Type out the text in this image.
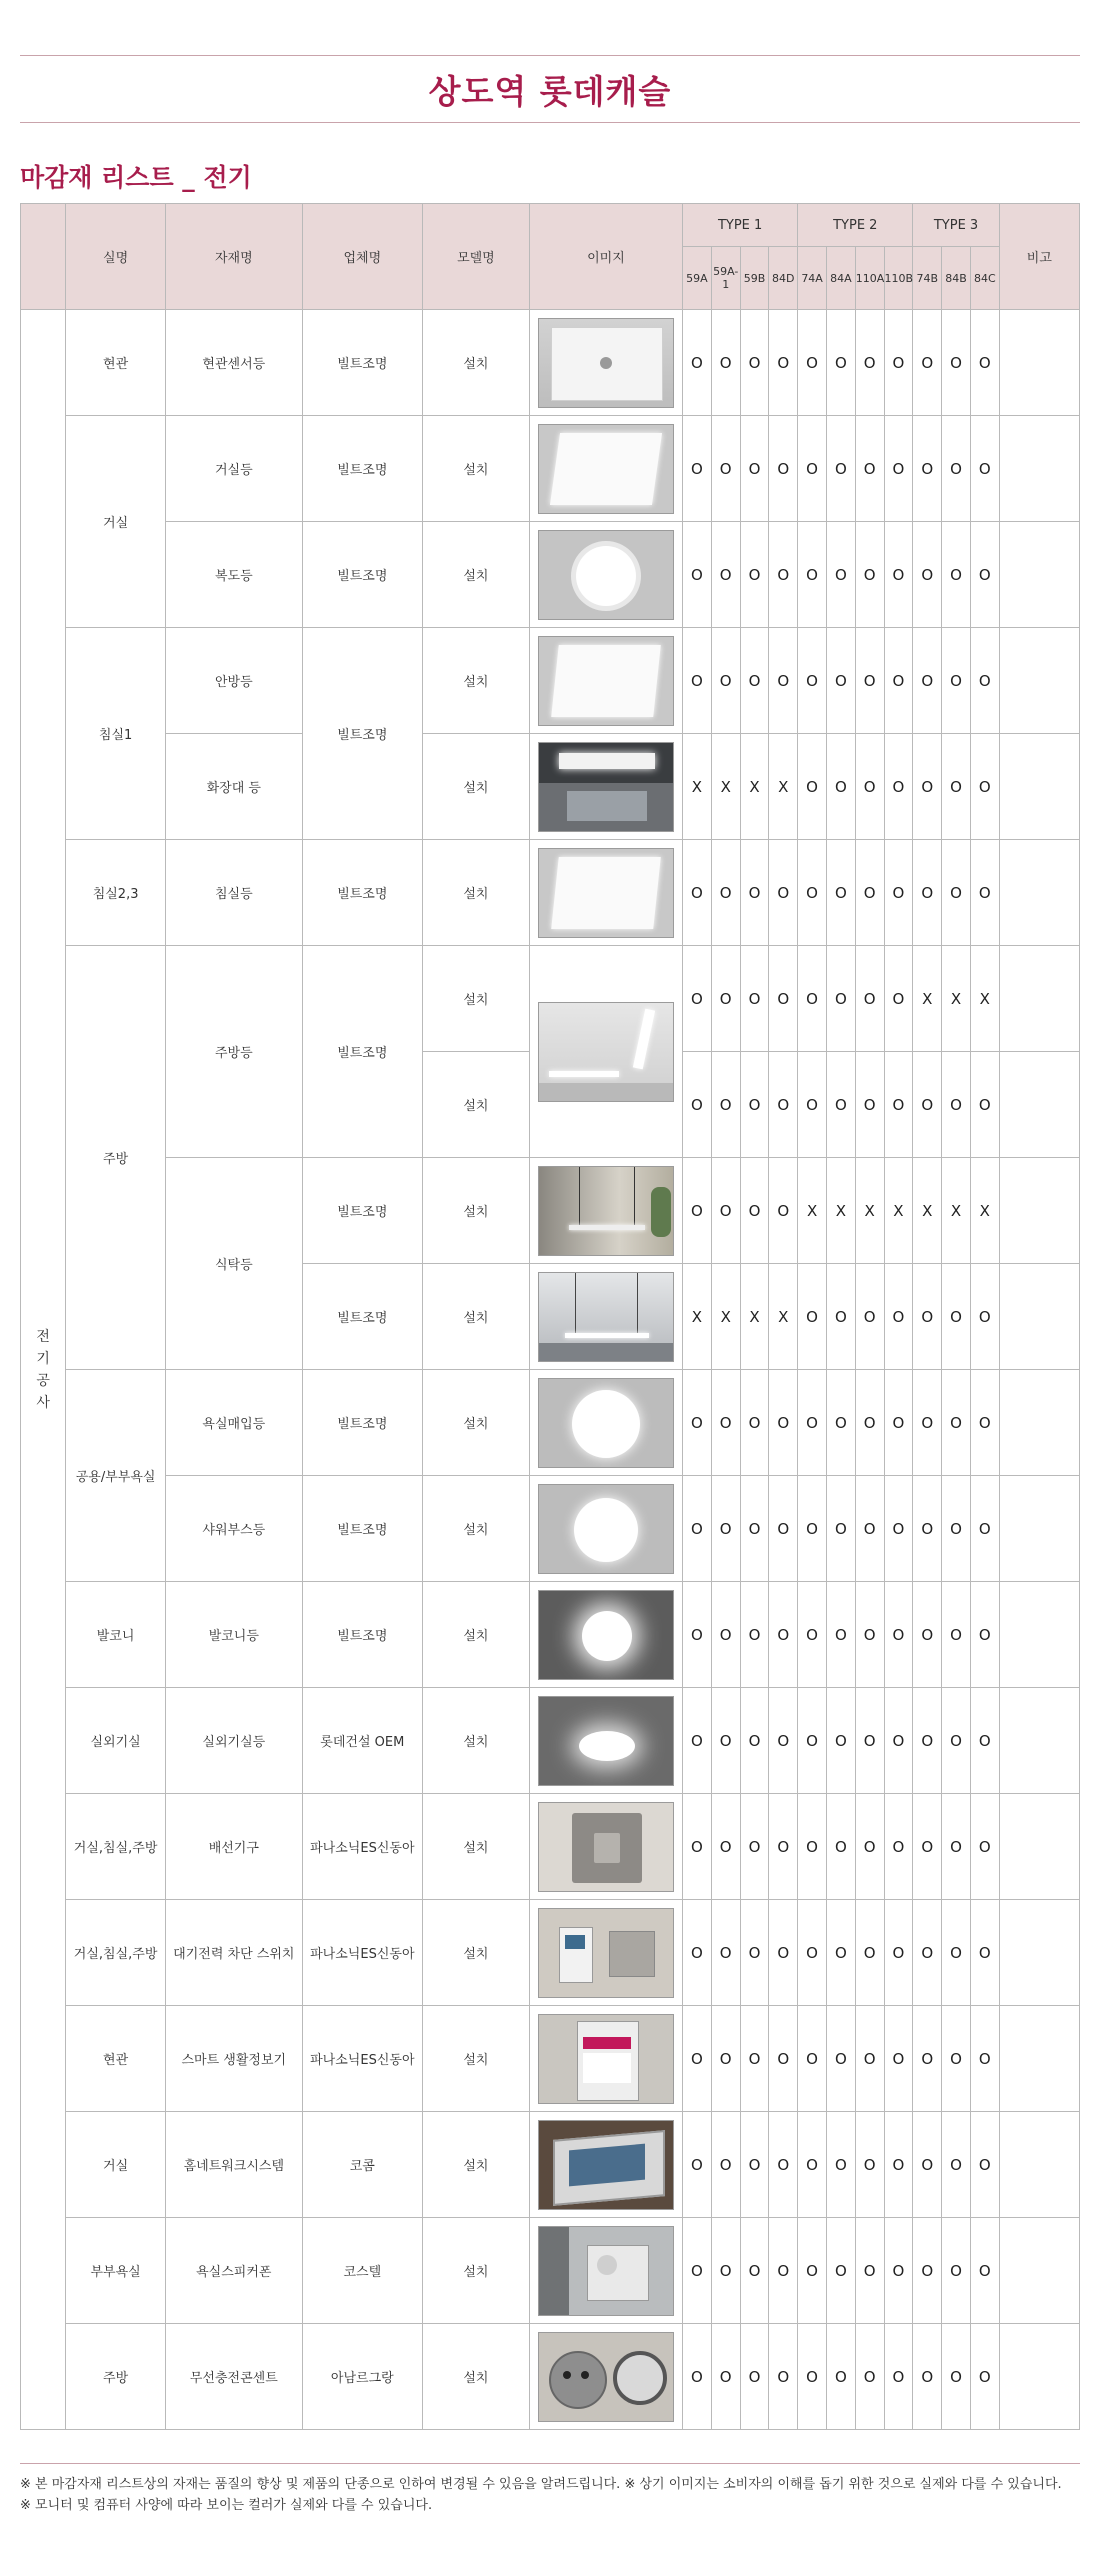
상도역 롯데캐슬
마감재 리스트 _ 전기
	실명	자재명	업체명	모델명	이미지	TYPE 1				TYPE 2				TYPE 3			비고
						59A	59A-1	59B	84D	74A	84A	110A	110B	74B	84B	84C	
전기공사	현관	현관센서등	빌트조명	설치		O	O	O	O	O	O	O	O	O	O	O	
	거실	거실등	빌트조명	설치		O	O	O	O	O	O	O	O	O	O	O	
		복도등	빌트조명	설치		O	O	O	O	O	O	O	O	O	O	O	
	침실1	안방등	빌트조명	설치		O	O	O	O	O	O	O	O	O	O	O	
		화장대 등		설치		X	X	X	X	O	O	O	O	O	O	O	
	침실2,3	침실등	빌트조명	설치		O	O	O	O	O	O	O	O	O	O	O	
	주방	주방등	빌트조명	설치		O	O	O	O	O	O	O	O	X	X	X	
				설치		O	O	O	O	O	O	O	O	O	O	O	
		식탁등	빌트조명	설치		O	O	O	O	X	X	X	X	X	X	X	
			빌트조명	설치		X	X	X	X	O	O	O	O	O	O	O	
	공용/부부욕실	욕실매입등	빌트조명	설치		O	O	O	O	O	O	O	O	O	O	O	
		샤워부스등	빌트조명	설치		O	O	O	O	O	O	O	O	O	O	O	
	발코니	발코니등	빌트조명	설치		O	O	O	O	O	O	O	O	O	O	O	
	실외기실	실외기실등	롯데건설 OEM	설치		O	O	O	O	O	O	O	O	O	O	O	
	거실,침실,주방	배선기구	파나소닉ES신동아	설치		O	O	O	O	O	O	O	O	O	O	O	
	거실,침실,주방	대기전력 차단 스위치	파나소닉ES신동아	설치		O	O	O	O	O	O	O	O	O	O	O	
	현관	스마트 생활정보기	파나소닉ES신동아	설치		O	O	O	O	O	O	O	O	O	O	O	
	거실	홈네트워크시스템	코콤	설치		O	O	O	O	O	O	O	O	O	O	O	
	부부욕실	욕실스피커폰	코스텔	설치		O	O	O	O	O	O	O	O	O	O	O	
	주방	무선충전콘센트	아남르그랑	설치		O	O	O	O	O	O	O	O	O	O	O	

※ 본 마감자재 리스트상의 자재는 품질의 향상 및 제품의 단종으로 인하여 변경될 수 있음을 알려드립니다. ※ 상기 이미지는 소비자의 이해를 돕기 위한 것으로 실제와 다를 수 있습니다.

※ 모니터 및 컴퓨터 사양에 따라 보이는 컬러가 실제와 다를 수 있습니다.
